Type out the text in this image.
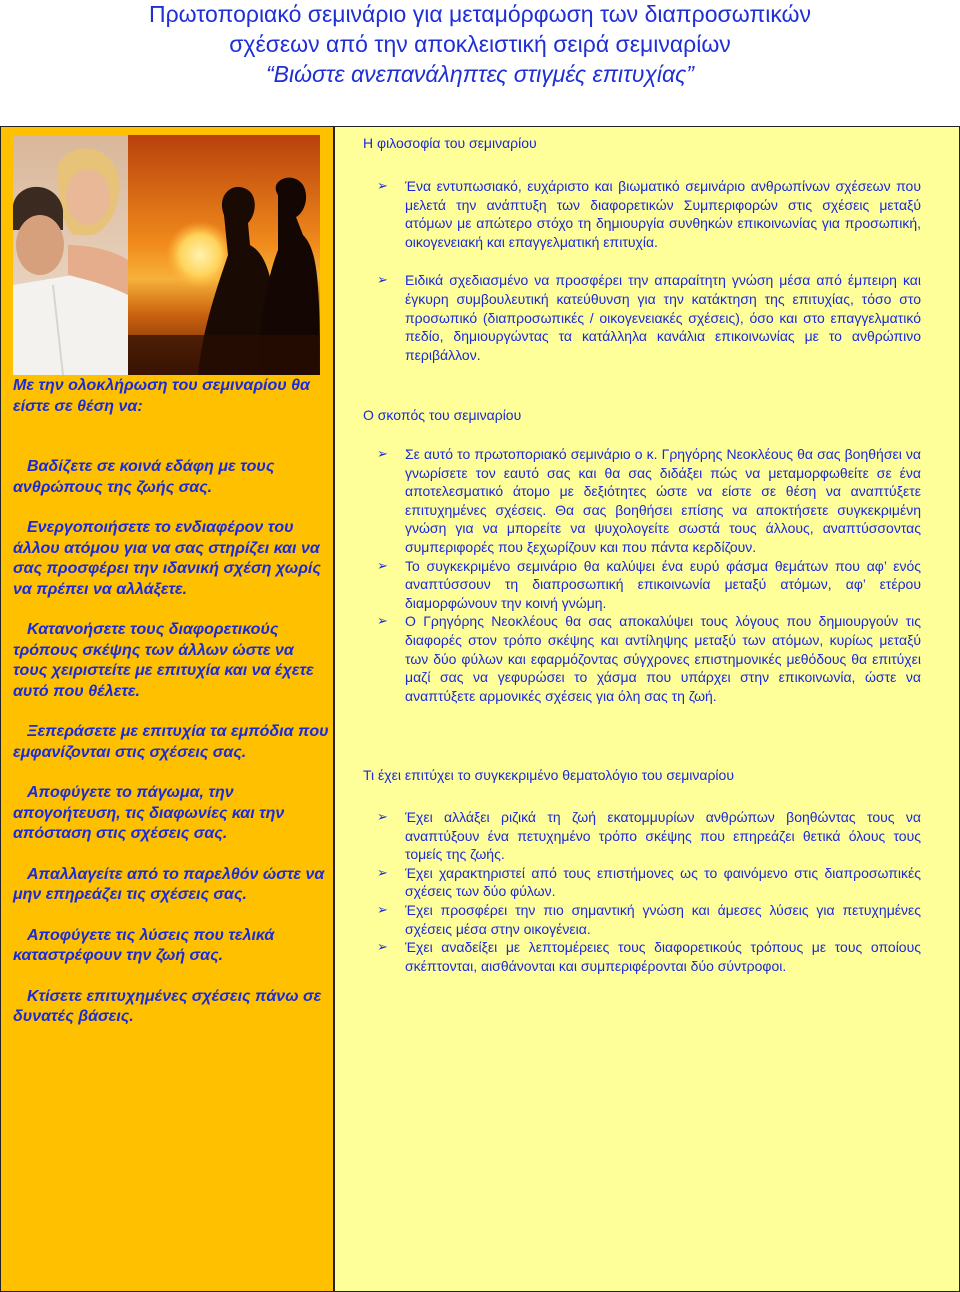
Πρωτοποριακό σεμινάριο για μεταμόρφωση των διαπροσωπικών
σχέσεων από την αποκλειστική σειρά σεμιναρίων
“Βιώστε ανεπανάληπτες στιγμές επιτυχίας”
Με την ολοκλήρωση του σεμιναρίου θα είστε σε θέση να:

Βαδίζετε σε κοινά εδάφη με τους ανθρώπους της ζωής σας.

Ενεργοποιήσετε το ενδιαφέρον του άλλου ατόμου για να σας στηρίζει και να σας προσφέρει την ιδανική σχέση χωρίς να πρέπει να αλλάξετε.

Κατανοήσετε τους διαφορετικούς τρόπους σκέψης των άλλων ώστε να τους χειριστείτε με επιτυχία και να έχετε αυτό που θέλετε.

Ξεπεράσετε με επιτυχία τα εμπόδια που εμφανίζονται στις σχέσεις σας.

Αποφύγετε το πάγωμα, την απογοήτευση, τις διαφωνίες και την απόσταση στις σχέσεις σας.

Απαλλαγείτε από το παρελθόν ώστε να μην επηρεάζει τις σχέσεις σας.

Αποφύγετε τις λύσεις που τελικά καταστρέφουν την ζωή σας.

Κτίσετε επιτυχημένες σχέσεις πάνω σε δυνατές βάσεις.

Η φιλοσοφία του σεμιναρίου
➢ Ένα εντυπωσιακό, ευχάριστο και βιωματικό σεμινάριο ανθρωπίνων σχέσεων που μελετά την ανάπτυξη των διαφορετικών Συμπεριφορών στις σχέσεις μεταξύ ατόμων με απώτερο στόχο τη δημιουργία συνθηκών επικοινωνίας για προσωπική, οικογενειακή και επαγγελματική επιτυχία.
➢ Ειδικά σχεδιασμένο να προσφέρει την απαραίτητη γνώση μέσα από έμπειρη και έγκυρη συμβουλευτική κατεύθυνση για την κατάκτηση της επιτυχίας, τόσο στο προσωπικό (διαπροσωπικές / οικογενειακές σχέσεις), όσο και στο επαγγελματικό πεδίο, δημιουργώντας τα κατάλληλα κανάλια επικοινωνίας με το ανθρώπινο περιβάλλον.
Ο σκοπός του σεμιναρίου
➢ Σε αυτό το πρωτοποριακό σεμινάριο ο κ. Γρηγόρης Νεοκλέους θα σας βοηθήσει να γνωρίσετε τον εαυτό σας και θα σας διδάξει πώς να μεταμορφωθείτε σε ένα αποτελεσματικό άτομο με δεξιότητες ώστε να είστε σε θέση να αναπτύξετε επιτυχημένες σχέσεις. Θα σας βοηθήσει επίσης να αποκτήσετε συγκεκριμένη γνώση για να μπορείτε να ψυχολογείτε σωστά τους άλλους, αναπτύσσοντας συμπεριφορές που ξεχωρίζουν και που πάντα κερδίζουν.
➢ Το συγκεκριμένο σεμινάριο θα καλύψει ένα ευρύ φάσμα θεμάτων που αφ’ ενός αναπτύσσουν τη διαπροσωπική επικοινωνία μεταξύ ατόμων, αφ’ ετέρου διαμορφώνουν την κοινή γνώμη.
➢ Ο Γρηγόρης Νεοκλέους θα σας αποκαλύψει τους λόγους που δημιουργούν τις διαφορές στον τρόπο σκέψης και αντίληψης μεταξύ των ατόμων, κυρίως μεταξύ των δύο φύλων και εφαρμόζοντας σύγχρονες επιστημονικές μεθόδους θα επιτύχει μαζί σας να γεφυρώσει το χάσμα που υπάρχει στην επικοινωνία, ώστε να αναπτύξετε αρμονικές σχέσεις για όλη σας τη ζωή.
Τι έχει επιτύχει το συγκεκριμένο θεματολόγιο του σεμιναρίου
➢ Έχει αλλάξει ριζικά τη ζωή εκατομμυρίων ανθρώπων βοηθώντας τους να αναπτύξουν ένα πετυχημένο τρόπο σκέψης που επηρεάζει θετικά όλους τους τομείς της ζωής.
➢ Έχει χαρακτηριστεί από τους επιστήμονες ως το φαινόμενο στις διαπροσωπικές σχέσεις των δύο φύλων.
➢ Έχει προσφέρει την πιο σημαντική γνώση και άμεσες λύσεις για πετυχημένες σχέσεις μέσα στην οικογένεια.
➢ Έχει αναδείξει με λεπτομέρειες τους διαφορετικούς τρόπους με τους οποίους σκέπτονται, αισθάνονται και συμπεριφέρονται δύο σύντροφοι.
